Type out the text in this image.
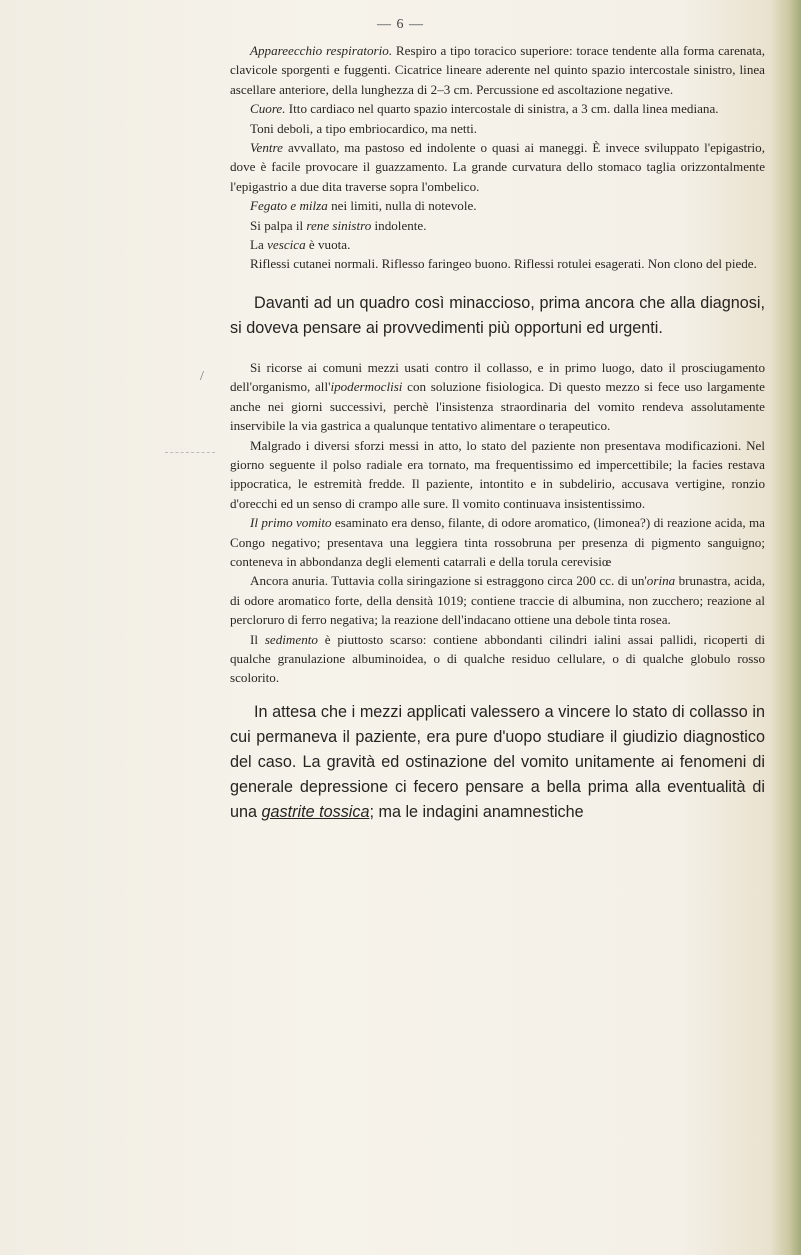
— 6 —
/

Appareecchio respiratorio. Respiro a tipo toracico superiore: torace tendente alla forma carenata, clavicole sporgenti e fuggenti. Cicatrice lineare aderente nel quinto spazio intercostale sinistro, linea ascellare anteriore, della lunghezza di 2–3 cm. Percussione ed ascoltazione negative.

Cuore. Itto cardiaco nel quarto spazio intercostale di sinistra, a 3 cm. dalla linea mediana.

Toni deboli, a tipo embriocardico, ma netti.

Ventre avvallato, ma pastoso ed indolente o quasi ai maneggi. È invece sviluppato l'epigastrio, dove è facile provocare il guazzamento. La grande curvatura dello stomaco taglia orizzontalmente l'epigastrio a due dita traverse sopra l'ombelico.

Fegato e milza nei limiti, nulla di notevole.

Si palpa il rene sinistro indolente.

La vescica è vuota.

Riflessi cutanei normali. Riflesso faringeo buono. Riflessi rotulei esagerati. Non clono del piede.

Davanti ad un quadro così minaccioso, prima ancora che alla diagnosi, si doveva pensare ai provvedimenti più opportuni ed urgenti.

Si ricorse ai comuni mezzi usati contro il collasso, e in primo luogo, dato il prosciugamento dell'organismo, all'ipodermoclisi con soluzione fisiologica. Di questo mezzo si fece uso largamente anche nei giorni successivi, perchè l'insistenza straordinaria del vomito rendeva assolutamente inservibile la via gastrica a qualunque tentativo alimentare o terapeutico.

Malgrado i diversi sforzi messi in atto, lo stato del paziente non presentava modificazioni. Nel giorno seguente il polso radiale era tornato, ma frequentissimo ed impercettibile; la facies restava ippocratica, le estremità fredde. Il paziente, intontito e in subdelirio, accusava vertigine, ronzio d'orecchi ed un senso di crampo alle sure. Il vomito continuava insistentissimo.

Il primo vomito esaminato era denso, filante, di odore aromatico, (limonea?) di reazione acida, ma Congo negativo; presentava una leggiera tinta rossobruna per presenza di pigmento sanguigno; conteneva in abbondanza degli elementi catarrali e della torula cerevisiœ

Ancora anuria. Tuttavia colla siringazione si estraggono circa 200 cc. di un'orina brunastra, acida, di odore aromatico forte, della densità 1019; contiene traccie di albumina, non zucchero; reazione al percloruro di ferro negativa; la reazione dell'indacano ottiene una debole tinta rosea.

Il sedimento è piuttosto scarso: contiene abbondanti cilindri ialini assai pallidi, ricoperti di qualche granulazione albuminoidea, o di qualche residuo cellulare, o di qualche globulo rosso scolorito.

In attesa che i mezzi applicati valessero a vincere lo stato di collasso in cui permaneva il paziente, era pure d'uopo studiare il giudizio diagnostico del caso. La gravità ed ostinazione del vomito unitamente ai fenomeni di generale depressione ci fecero pensare a bella prima alla eventualità di una gastrite tossica; ma le indagini anamnestiche
